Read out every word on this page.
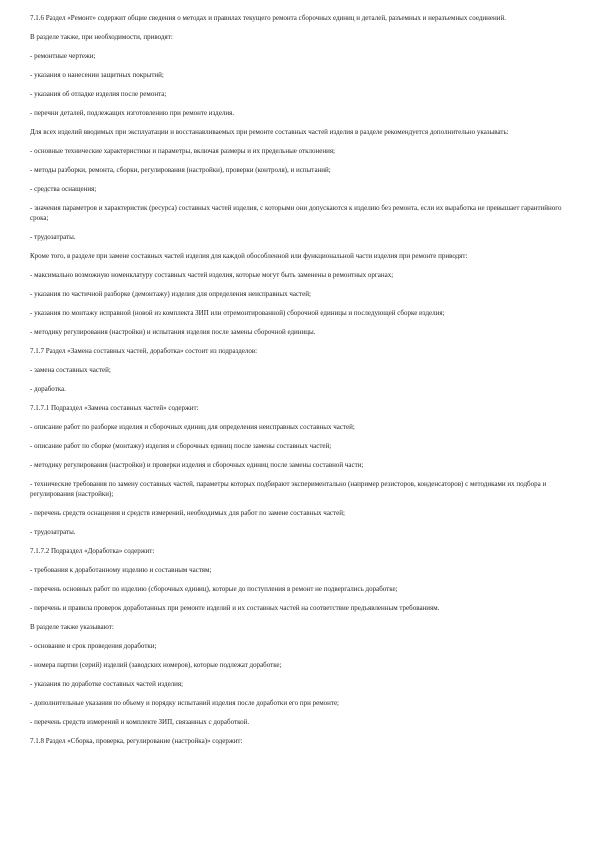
7.1.6 Раздел «Ремонт» содержит общие сведения о методах и правилах текущего ремонта сборочных единиц и деталей, разъемных и неразъемных соединений.

В разделе также, при необходимости, приводят:

- ремонтные чертежи;

- указания о нанесении защитных покрытий;

- указания об отладке изделия после ремонта;

- перечни деталей, подлежащих изготовлению при ремонте изделия.

Для всех изделий вводимых при эксплуатации и восстанавливаемых при ремонте составных частей изделия в разделе рекомендуется дополнительно указывать:

- основные технические характеристики и параметры, включая размеры и их предельные отклонения;

- методы разборки, ремонта, сборки, регулирования (настройки), проверки (контроля), и испытаний;

- средства оснащения;

- значения параметров и характеристик (ресурса) составных частей изделия, с которыми они допускаются к изделию без ремонта, если их выработка не превышает гарантийного срока;

- трудозатраты.

Кроме того, в разделе при замене составных частей изделия для каждой обособленной или функциональной части изделия при ремонте приводят:

- максимально возможную номенклатуру составных частей изделия, которые могут быть заменены в ремонтных органах;

- указания по частичной разборке (демонтажу) изделия для определения неисправных частей;

- указания по монтажу исправной (новой из комплекта ЗИП или отремонтированной) сборочной единицы и последующей сборке изделия;

- методику регулирования (настройки) и испытания изделия после замены сборочной единицы.

7.1.7 Раздел «Замена составных частей, доработка» состоит из подразделов:

- замена составных частей;

- доработка.

7.1.7.1 Подраздел «Замена составных частей» содержит:

- описание работ по разборке изделия и сборочных единиц для определения неисправных составных частей;

- описание работ по сборке (монтажу) изделия и сборочных единиц после замены составных частей;

- методику регулирования (настройки) и проверки изделия и сборочных единиц после замены составной части;

- технические требования по замену составных частей, параметры которых подбирают экспериментально (например резисторов, конденсаторов) с методиками их подбора и регулирования (настройки);

- перечень средств оснащения и средств измерений, необходимых для работ по замене составных частей;

- трудозатраты.

7.1.7.2 Подраздел «Доработка» содержит:

- требования к доработанному изделию и составным частям;

- перечень основных работ по изделию (сборочных единиц), которые до поступления в ремонт не подвергались доработке;

- перечень и правила проверок доработанных при ремонте изделий и их составных частей на соответствие предъявленным требованиям.

В разделе также указывают:

- основание и срок проведения доработки;

- номера партии (серий) изделий (заводских номеров), которые подлежат доработке;

- указания по доработке составных частей изделия;

- дополнительные указания по объему и порядку испытаний изделия после доработки его при ремонте;

- перечень средств измерений и комплекте ЗИП, связанных с доработкой.

7.1.8 Раздел «Сборка, проверка, регулирование (настройка)» содержит:
